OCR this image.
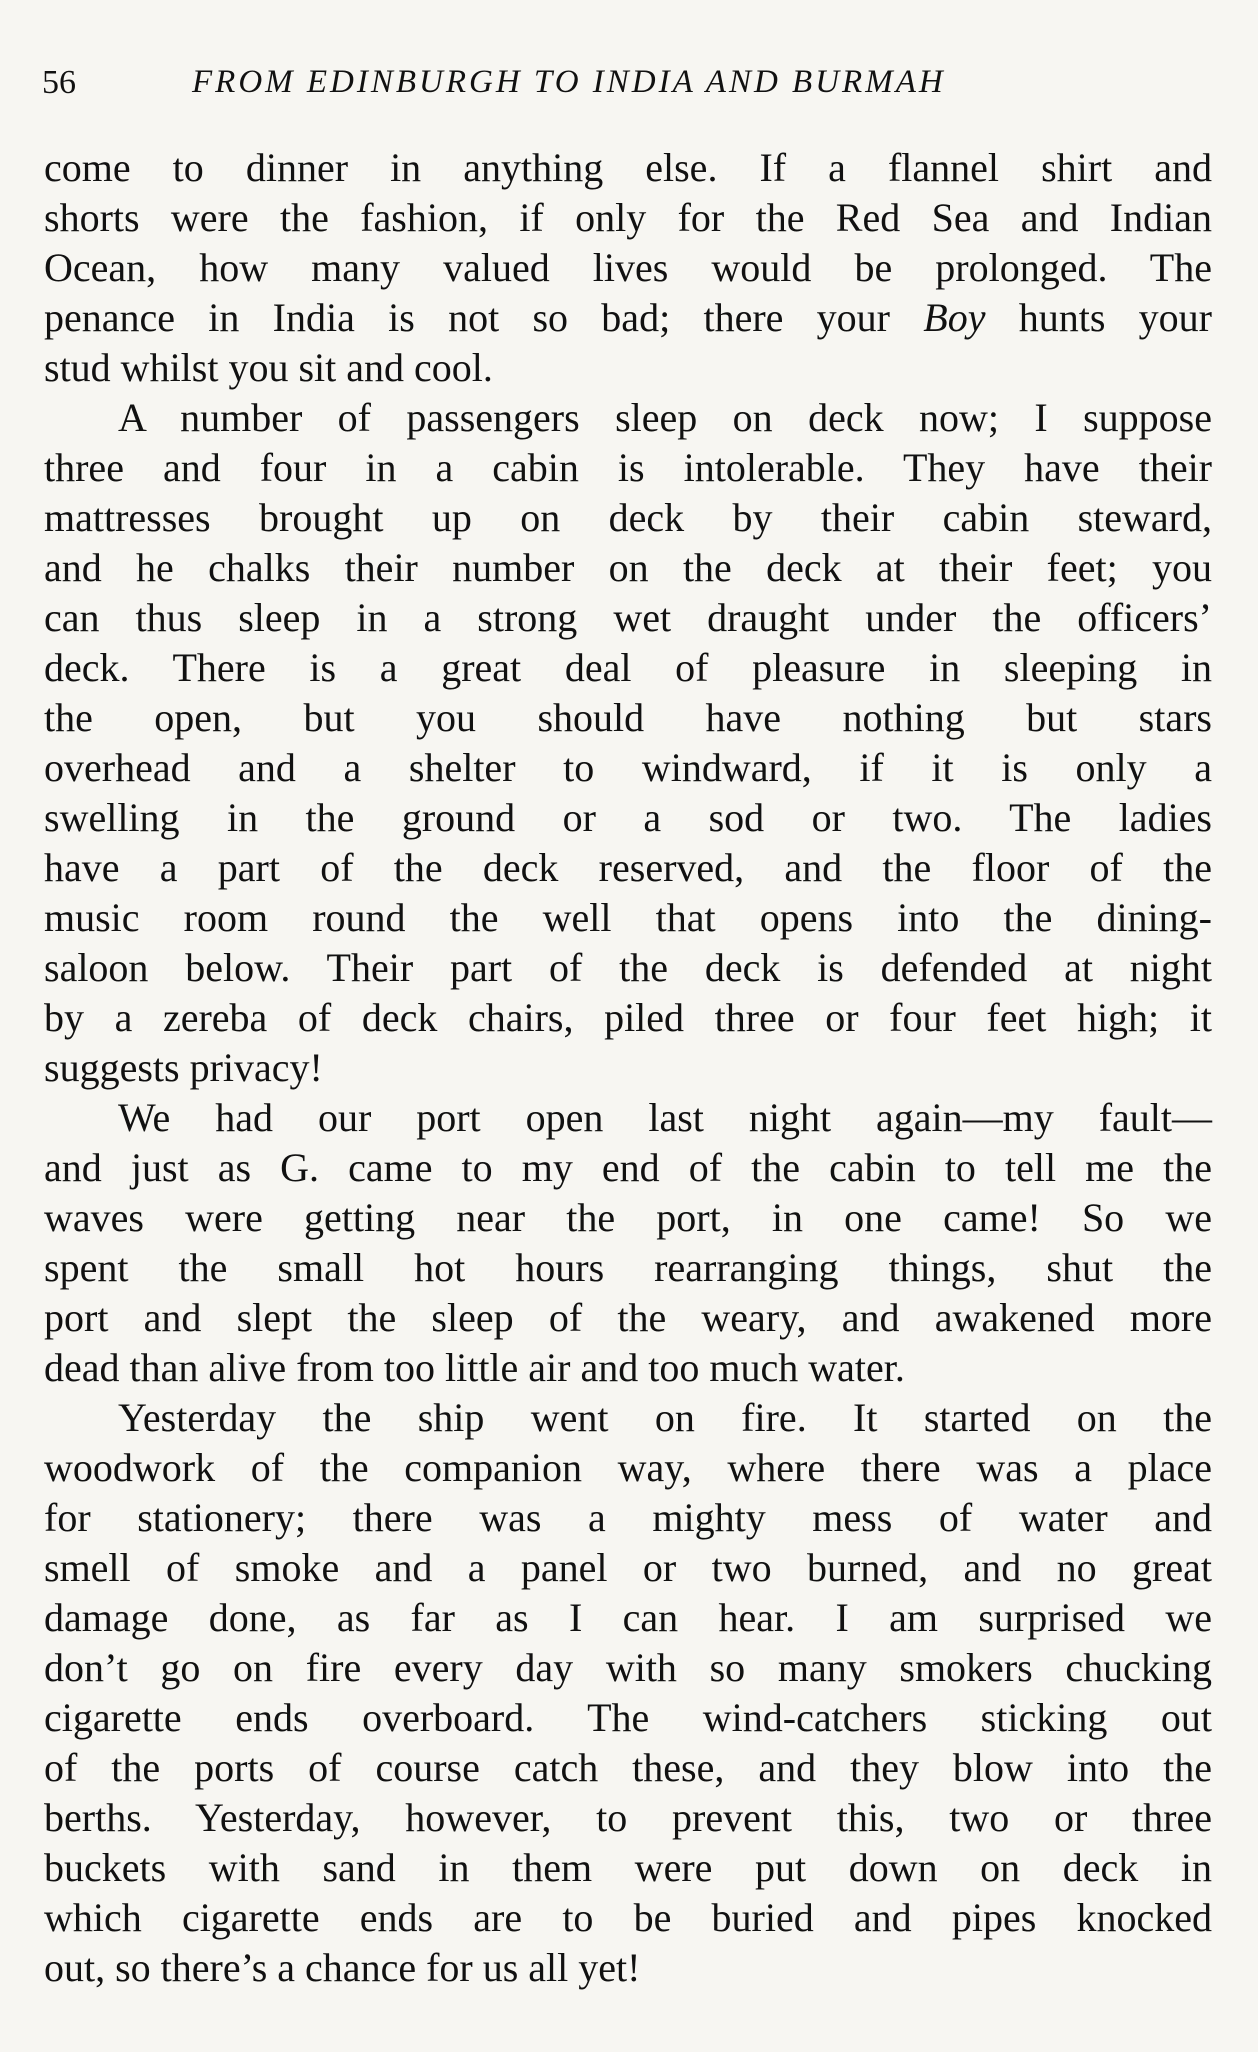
56	FROM EDINBURGH TO INDIA AND BURMAH
come to dinner in anything else. If a flannel shirt and
shorts were the fashion, if only for the Red Sea and Indian
Ocean, how many valued lives would be prolonged. The
penance in India is not so bad; there your Boy hunts your
stud whilst you sit and cool.
A number of passengers sleep on deck now; I suppose
three and four in a cabin is intolerable. They have their
mattresses brought up on deck by their cabin steward,
and he chalks their number on the deck at their feet; you
can thus sleep in a strong wet draught under the officers’
deck. There is a great deal of pleasure in sleeping in
the open, but you should have nothing but stars
overhead and a shelter to windward, if it is only a
swelling in the ground or a sod or two. The ladies
have a part of the deck reserved, and the floor of the
music room round the well that opens into the dining-
saloon below. Their part of the deck is defended at night
by a zereba of deck chairs, piled three or four feet high; it
suggests privacy!
We had our port open last night again—my fault—
and just as G. came to my end of the cabin to tell me the
waves were getting near the port, in one came! So we
spent the small hot hours rearranging things, shut the
port and slept the sleep of the weary, and awakened more
dead than alive from too little air and too much water.
Yesterday the ship went on fire. It started on the
woodwork of the companion way, where there was a place
for stationery; there was a mighty mess of water and
smell of smoke and a panel or two burned, and no great
damage done, as far as I can hear. I am surprised we
don’t go on fire every day with so many smokers chucking
cigarette ends overboard. The wind-catchers sticking out
of the ports of course catch these, and they blow into the
berths. Yesterday, however, to prevent this, two or three
buckets with sand in them were put down on deck in
which cigarette ends are to be buried and pipes knocked
out, so there’s a chance for us all yet!
